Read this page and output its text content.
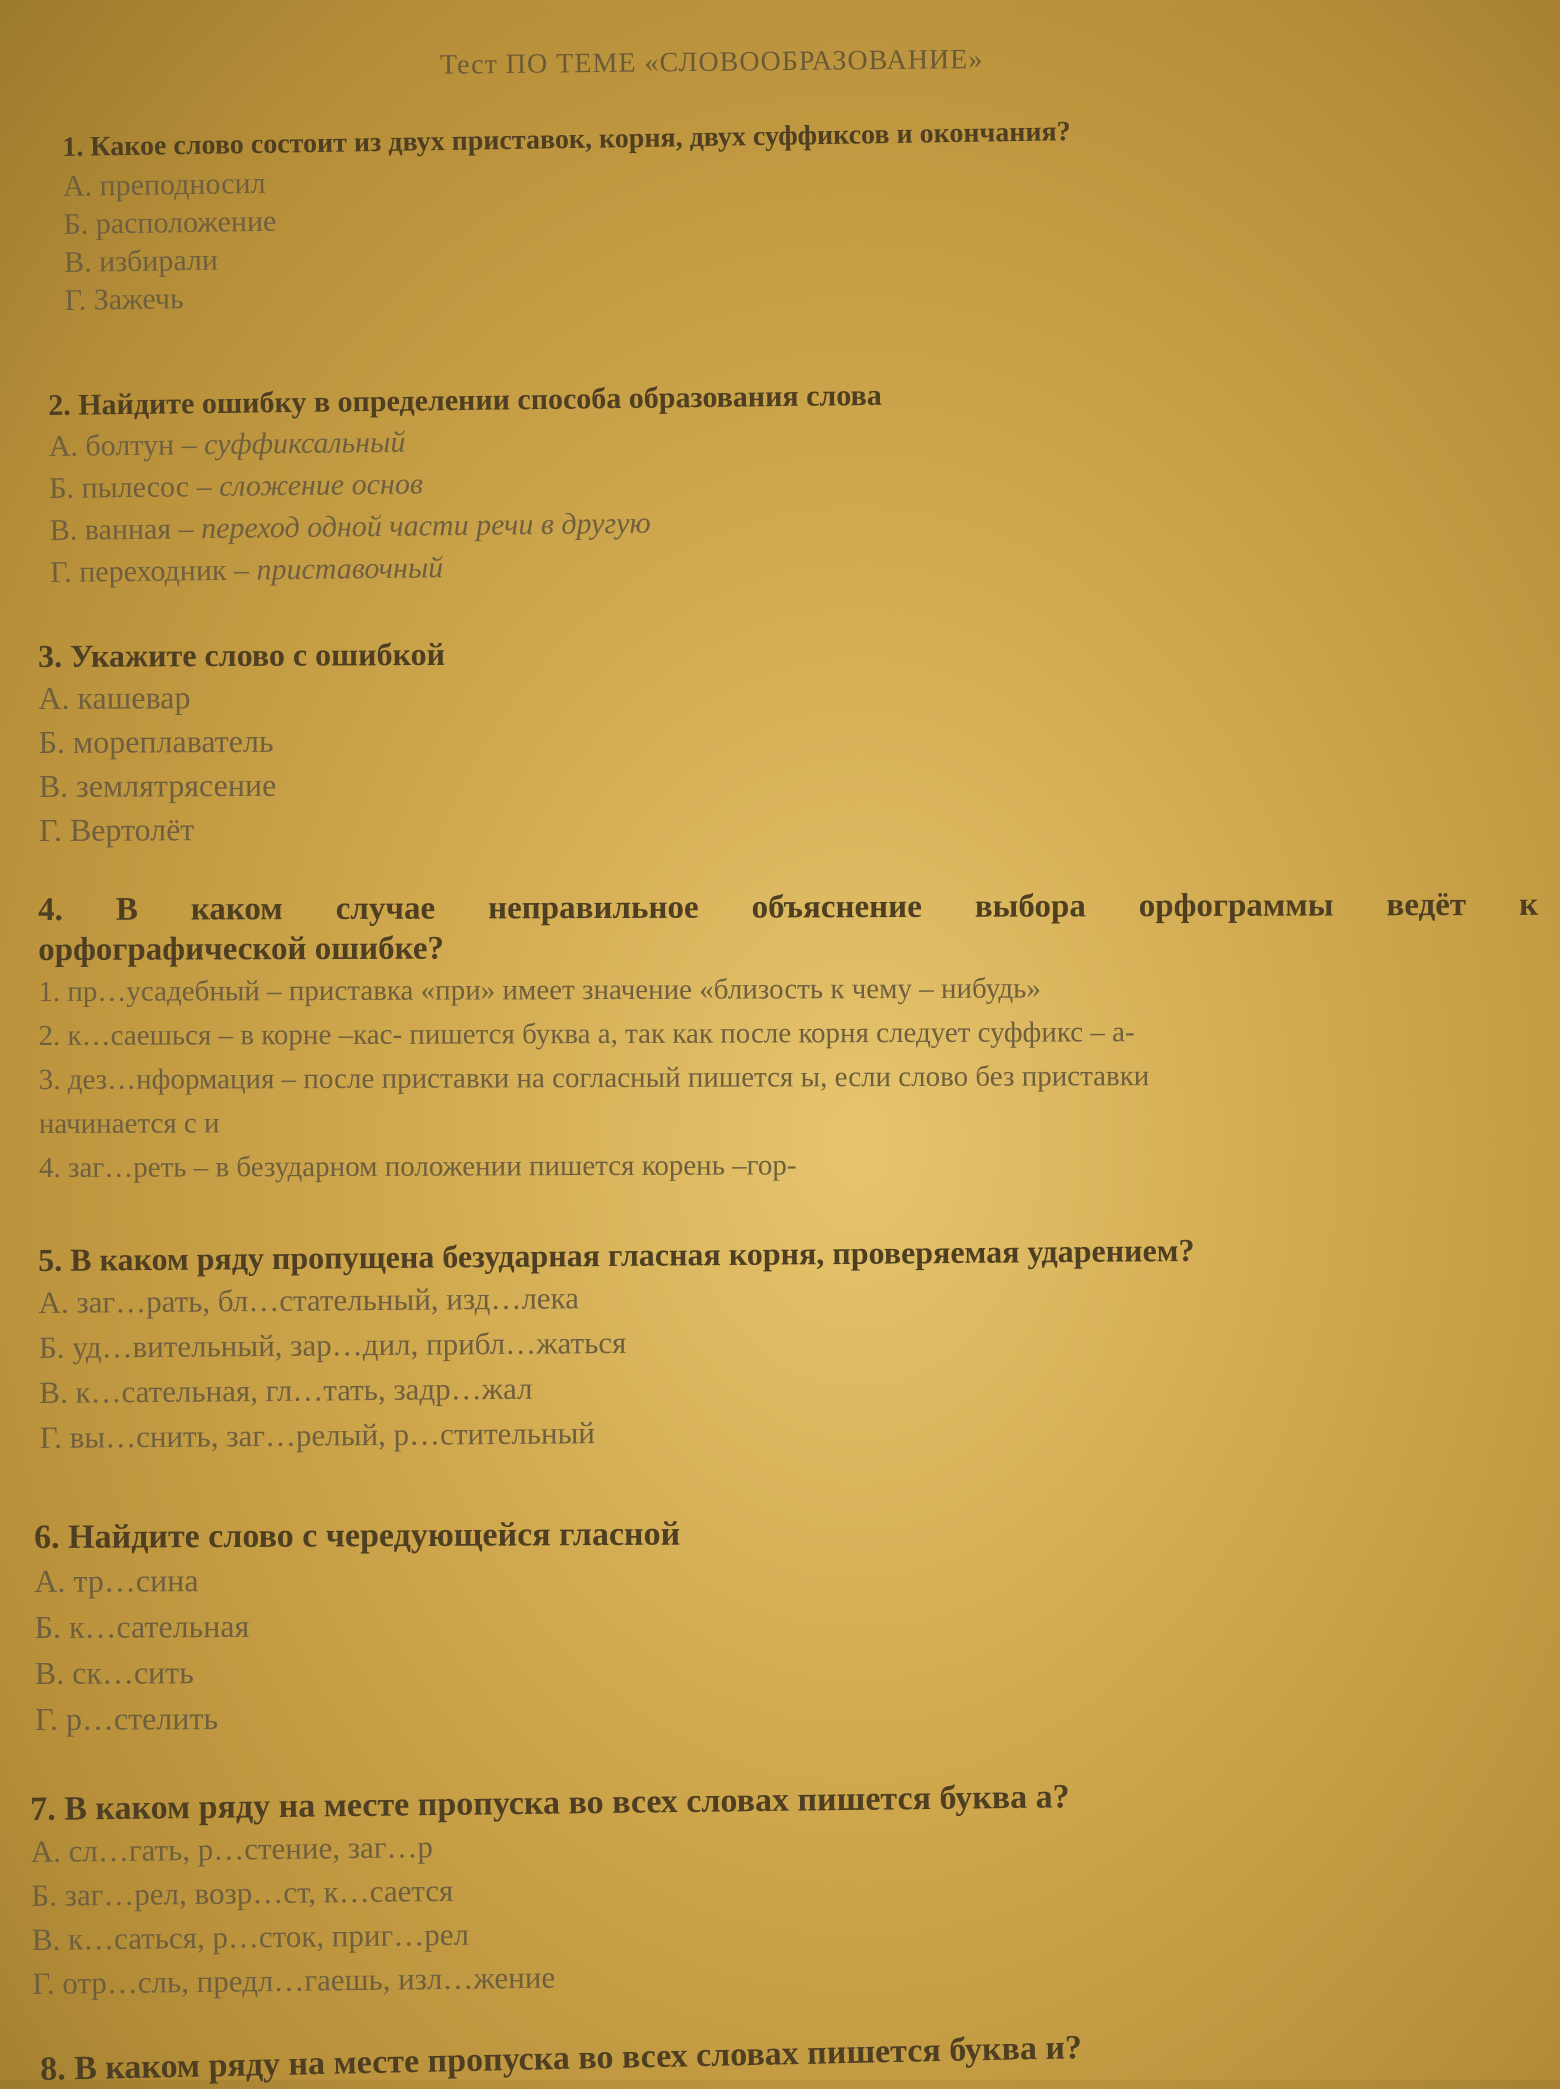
Тест ПО ТЕМЕ «СЛОВООБРАЗОВАНИЕ»
1. Какое слово состоит из двух приставок, корня, двух суффиксов и окончания?
А. преподносил
Б. расположение
В. избирали
Г. Зажечь
2. Найдите ошибку в определении способа образования слова
А. болтун – суффиксальный
Б. пылесос – сложение основ
В. ванная – переход одной части речи в другую
Г. переходник – приставочный
3. Укажите слово с ошибкой
А. кашевар
Б. мореплаватель
В. землятрясение
Г. Вертолёт
4. В каком случае неправильное объяснение выбора орфограммы ведёт к
орфографической ошибке?
1. пр…усадебный – приставка «при» имеет значение «близость к чему – нибудь»
2. к…саешься – в корне –кас- пишется буква а, так как после корня следует суффикс – а-
3. дез…нформация – после приставки на согласный пишется ы, если слово без приставки
начинается с и
4. заг…реть – в безударном положении пишется корень –гор-
5. В каком ряду пропущена безударная гласная корня, проверяемая ударением?
А. заг…рать, бл…стательный, изд…лека
Б. уд…вительный, зар…дил, прибл…жаться
В. к…сательная, гл…тать, задр…жал
Г. вы…снить, заг…релый, р…стительный
6. Найдите слово с чередующейся гласной
А. тр…сина
Б. к…сательная
В. ск…сить
Г. р…стелить
7. В каком ряду на месте пропуска во всех словах пишется буква а?
А. сл…гать, р…стение, заг…р
Б. заг…рел, возр…ст, к…сается
В. к…саться, р…сток, приг…рел
Г. отр…сль, предл…гаешь, изл…жение
8. В каком ряду на месте пропуска во всех словах пишется буква и?
